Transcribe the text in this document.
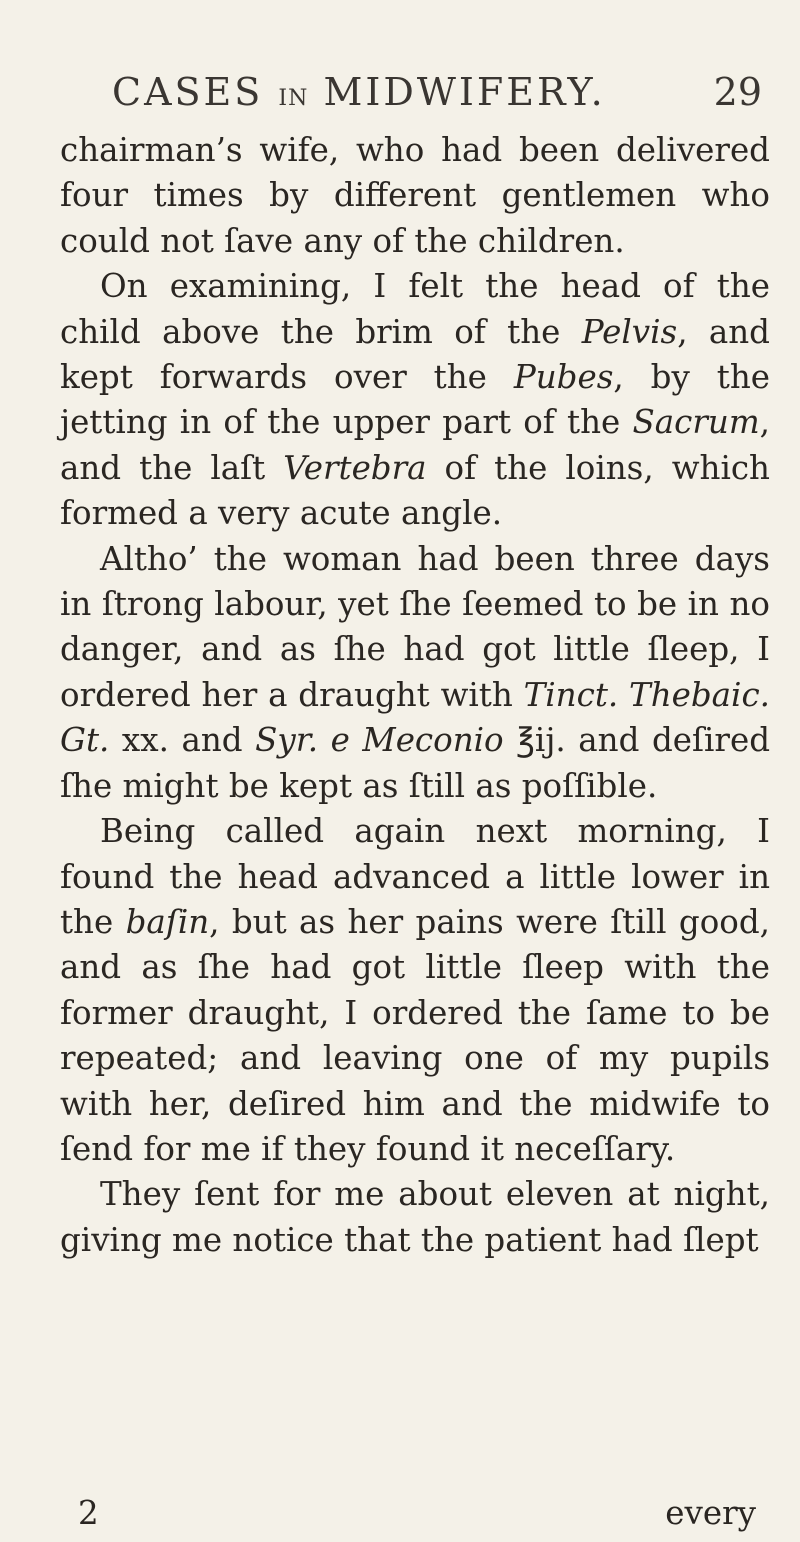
CASES IN MIDWIFERY.	29

chairman’s wife, who had been delivered four times by different gentlemen who could not ſave any of the children.

On examining, I felt the head of the child above the brim of the Pelvis, and kept forwards over the Pubes, by the jetting in of the upper part of the Sacrum, and the laſt Vertebra of the loins, which formed a very acute angle.

Altho’ the woman had been three days in ſtrong labour, yet ſhe ſeemed to be in no danger, and as ſhe had got little ſleep, I ordered her a draught with Tinct. Thebaic. Gt. xx. and Syr. e Meconio ℥ij. and deſired ſhe might be kept as ſtill as poſſible.

Being called again next morning, I found the head advanced a little lower in the baſin, but as her pains were ſtill good, and as ſhe had got little ſleep with the former draught, I ordered the ſame to be repeated; and leaving one of my pupils with her, deſired him and the midwife to ſend for me if they found it neceſſary.

They ſent for me about eleven at night, giving me notice that the patient had ſlept

2	every
